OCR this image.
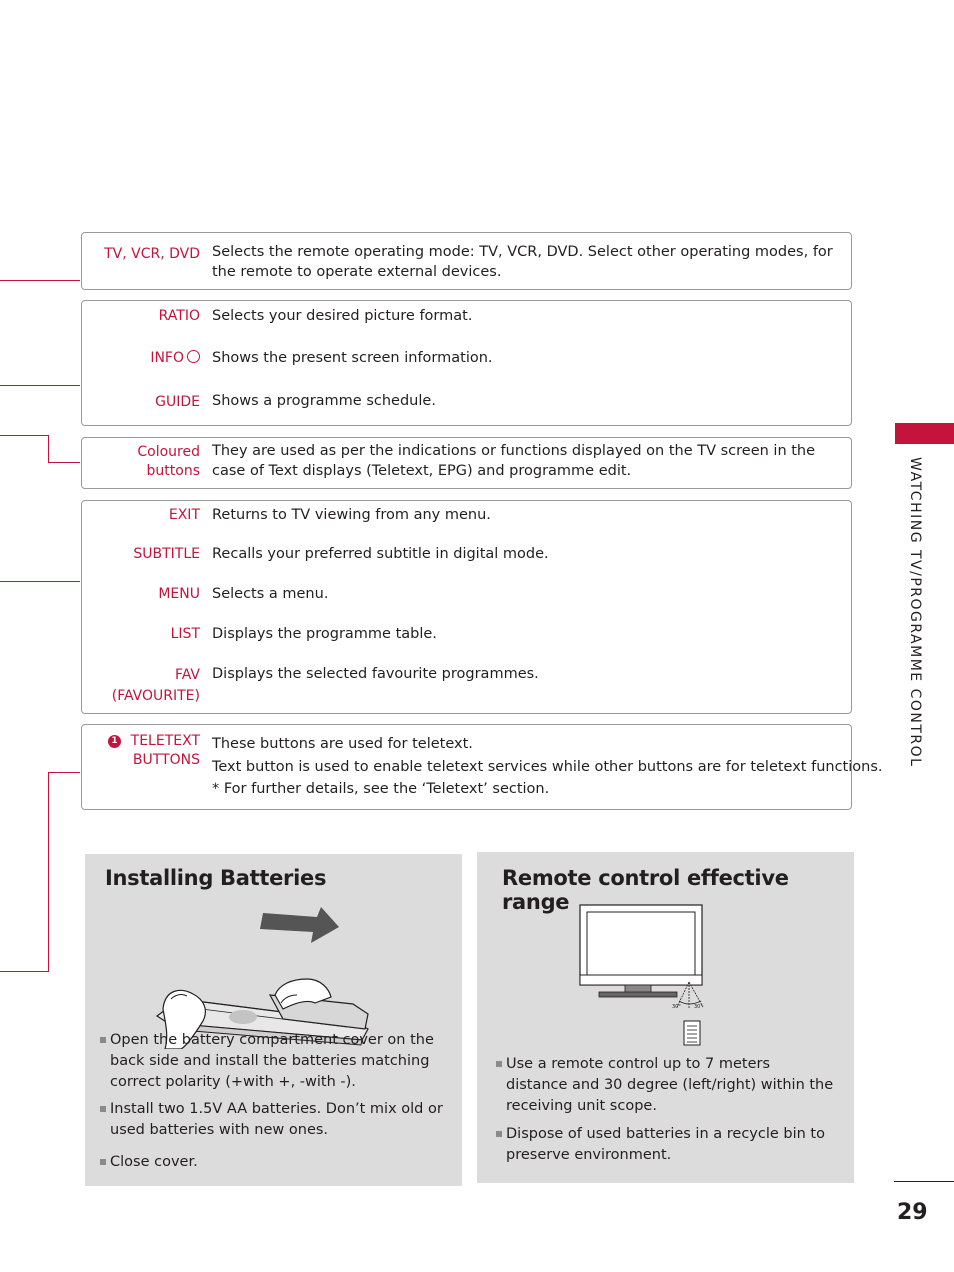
TV, VCR, DVD Selects the remote operating mode: TV, VCR, DVD. Select other operating modes, for the remote to operate external devices.
RATIO Selects your desired picture format.
INFO	Shows the present screen information.
GUIDE Shows a programme schedule.
Coloured
buttons
They are used as per the indications or functions displayed on the TV screen in the case of Text displays (Teletext, EPG) and programme edit.
EXIT Returns to TV viewing from any menu.
SUBTITLE Recalls your preferred subtitle in digital mode.
MENU Selects a menu.
LIST Displays the programme table.
FAV
(FAVOURITE)
Displays the selected favourite programmes.
1 TELETEXT
BUTTONS
These buttons are used for teletext.
Text button is used to enable teletext services while other buttons are for teletext functions.
* For further details, see the ‘Teletext’ section.
WATCHING TV/PROGRAMME CONTROL
Installing Batteries
Open the battery compartment cover on the back side and install the batteries matching correct polarity (+with +, -with -).
Install two 1.5V AA batteries. Don’t mix old or used batteries with new ones.
Close cover.
Remote control effective range
30°	30°
Use a remote control up to 7 meters distance and 30 degree (left/right) within the receiving unit scope.
Dispose of used batteries in a recycle bin to preserve environment.
29
